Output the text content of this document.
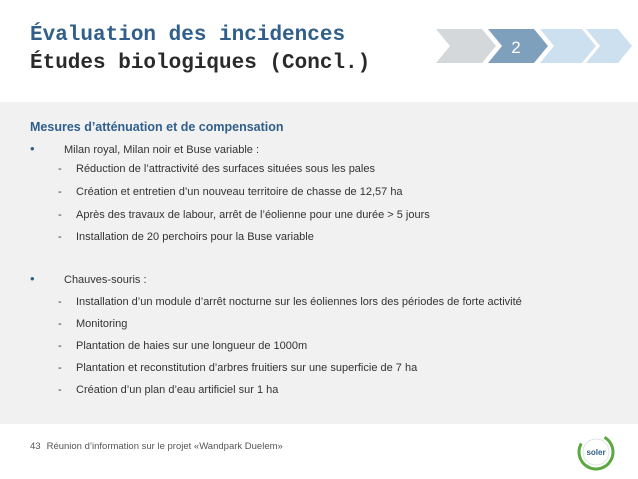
Évaluation des incidences
Études biologiques (Concl.)
2
Mesures d’atténuation et de compensation
•	Milan royal, Milan noir et Buse variable :
- Réduction de l’attractivité des surfaces situées sous les pales
- Création et entretien d’un nouveau territoire de chasse de 12,57 ha
- Après des travaux de labour, arrêt de l’éolienne pour une durée > 5 jours
- Installation de 20 perchoirs pour la Buse variable
•	Chauves-souris :
- Installation d’un module d’arrêt nocturne sur les éoliennes lors des périodes de forte activité
- Monitoring
- Plantation de haies sur une longueur de 1000m
- Plantation et reconstitution d’arbres fruitiers sur une superficie de 7 ha
- Création d’un plan d’eau artificiel sur 1 ha
43 Réunion d’information sur le projet «Wandpark Duelem»
soler
